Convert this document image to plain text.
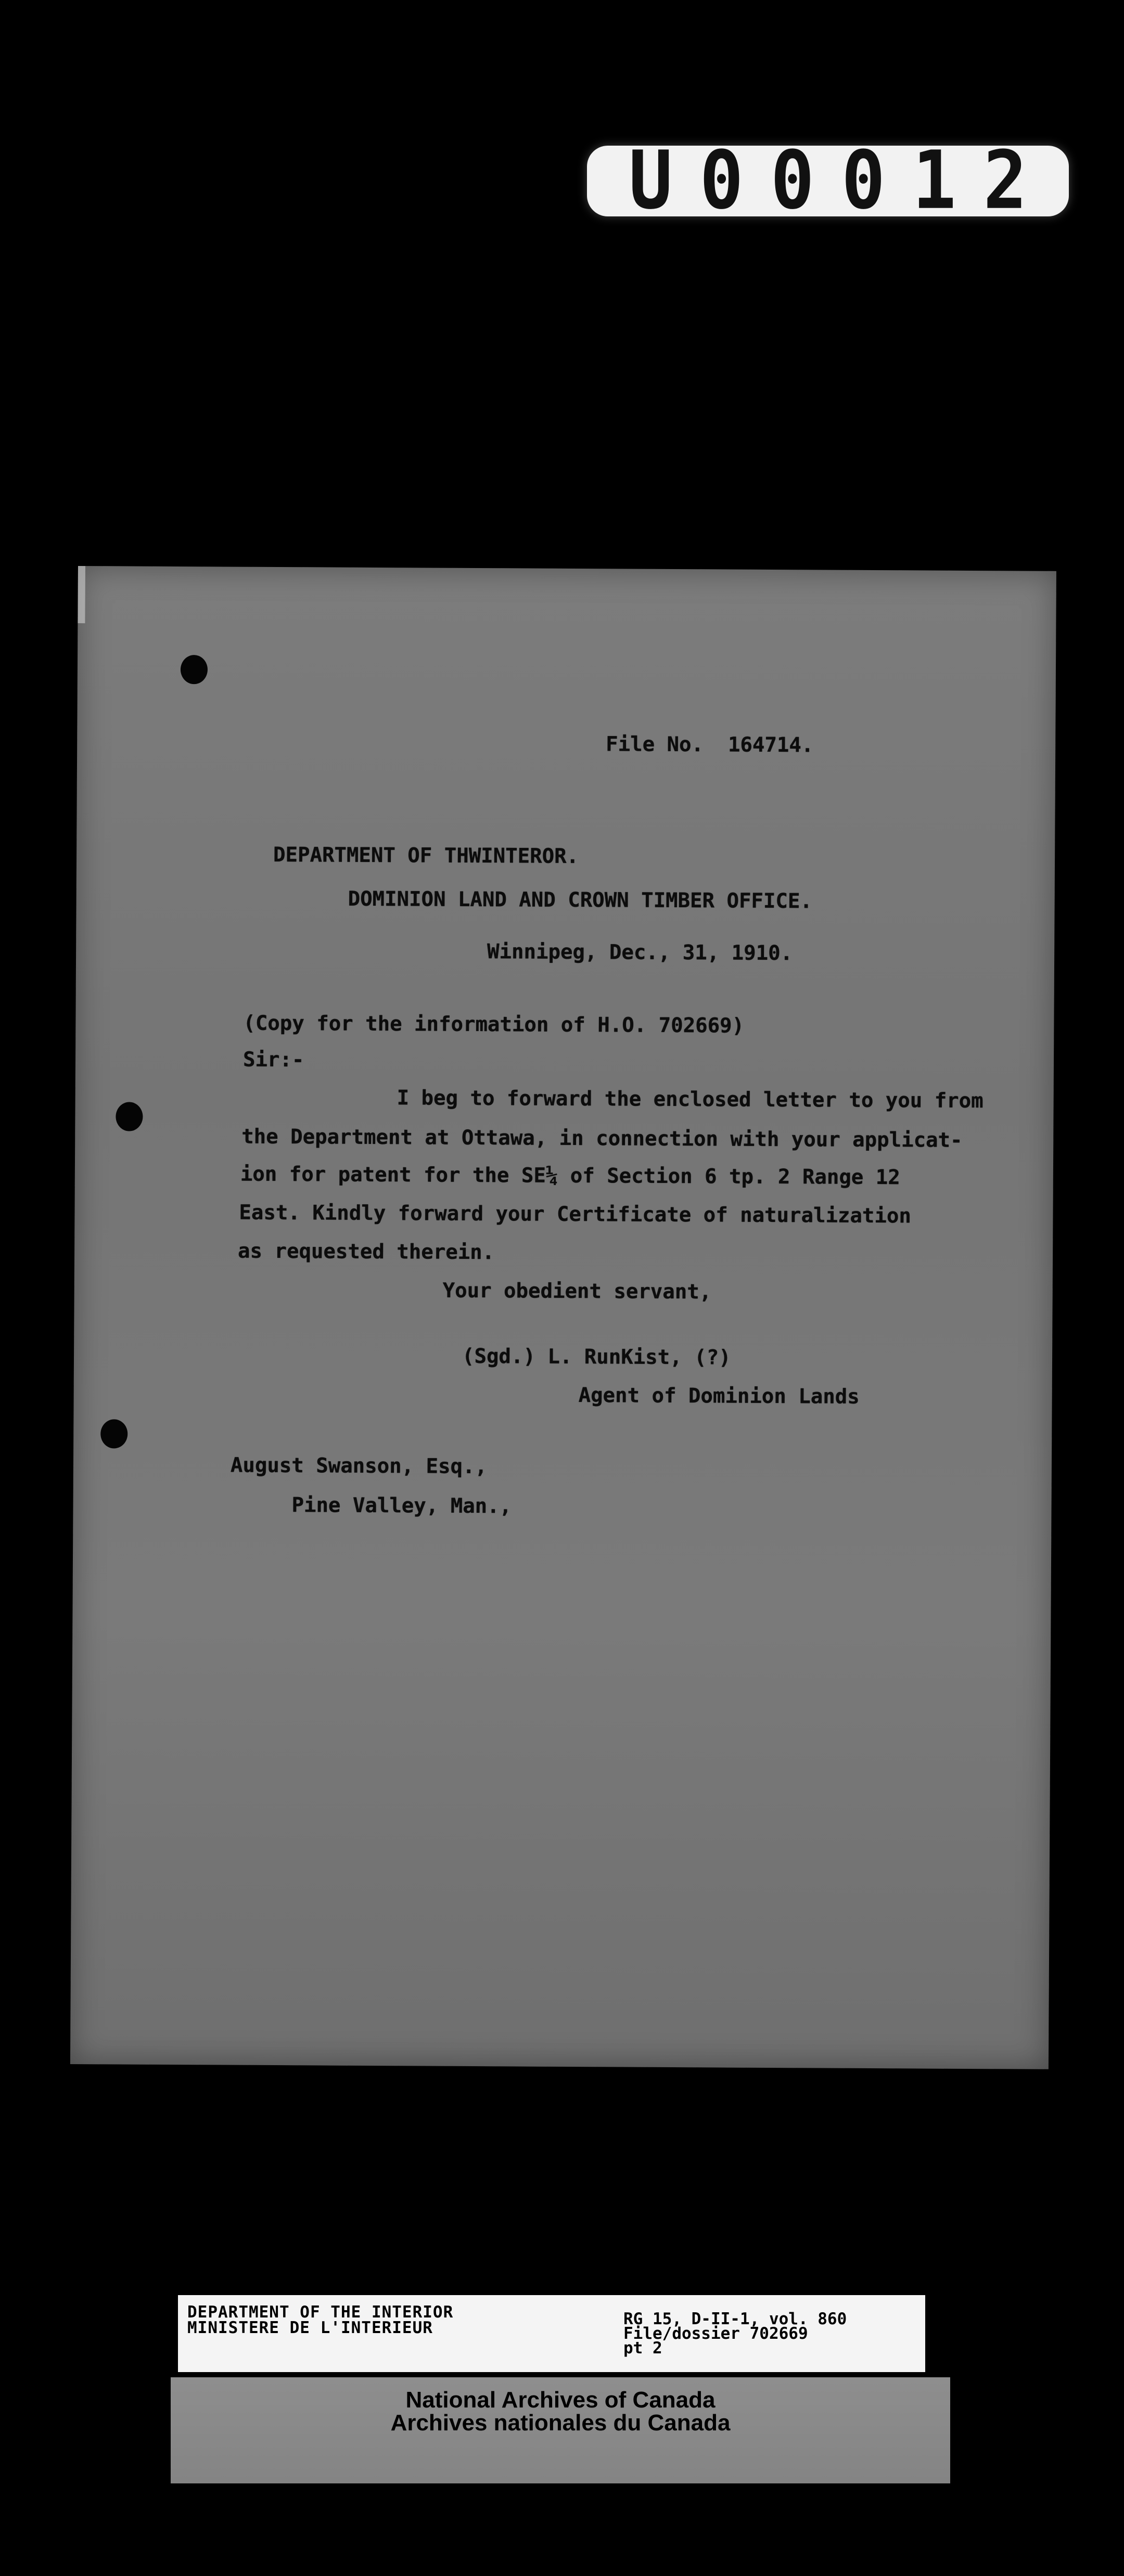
U00012
File No.  164714.
DEPARTMENT OF THWINTEROR.
DOMINION LAND AND CROWN TIMBER OFFICE.
Winnipeg, Dec., 31, 1910.
(Copy for the information of H.O. 702669)
Sir:-
I beg to forward the enclosed letter to you from
the Department at Ottawa, in connection with your applicat-
ion for patent for the SE¼ of Section 6 tp. 2 Range 12
East. Kindly forward your Certificate of naturalization
as requested therein.
Your obedient servant,
(Sgd.) L. RunKist, (?)
Agent of Dominion Lands
August Swanson, Esq.,
Pine Valley, Man.,
DEPARTMENT OF THE INTERIOR
MINISTERE DE L'INTERIEUR	RG 15, D-II-1, vol. 860
File/dossier 702669
pt 2
National Archives of Canada
Archives nationales du Canada
